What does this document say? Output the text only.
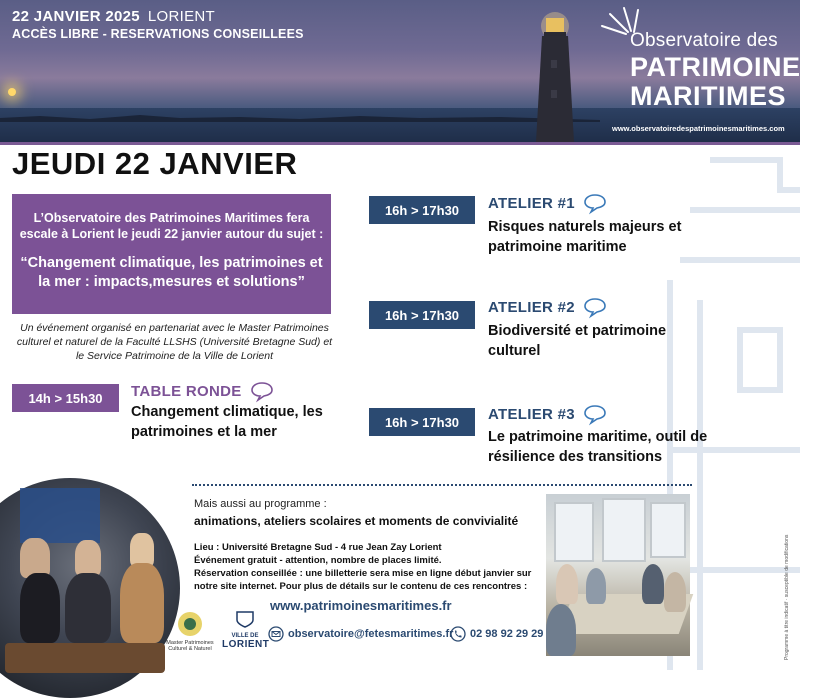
22 JANVIER 2025 LORIENT
ACCÈS LIBRE - RESERVATIONS CONSEILLEES	Observatoire des
PATRIMOINES
MARITIMES
www.observatoiredespatrimoinesmaritimes.com
JEUDI 22 JANVIER
L’Observatoire des Patrimoines Maritimes fera escale à Lorient le jeudi 22 janvier autour du sujet :
“Changement climatique, les patrimoines et la mer : impacts,mesures et solutions”
Un événement organisé en partenariat avec le Master Patrimoines culturel et naturel de la Faculté LLSHS (Université Bretagne Sud) et le Service Patrimoine de la Ville de Lorient
14h > 15h30	TABLE RONDE
Changement climatique, les
patrimoines et la mer
16h > 17h30	ATELIER #1
Risques naturels majeurs et
patrimoine maritime
16h > 17h30	ATELIER #2
Biodiversité et patrimoine
culturel
16h > 17h30	ATELIER #3
Le patrimoine maritime, outil de
résilience des transitions
Master Patrimoines Culturel & Naturel
VILLE DE
LORIENT
Mais aussi au programme :
animations, ateliers scolaires et moments de convivialité
Lieu : Université Bretagne Sud - 4 rue Jean Zay Lorient
Événement gratuit - attention, nombre de places limité.
Réservation conseillée : une billetterie sera mise en ligne début janvier sur notre site internet. Pour plus de détails sur le contenu de ces rencontres :
www.patrimoinesmaritimes.fr
observatoire@fetesmaritimes.fr 02 98 92 29 29	Programme à titre indicatif · susceptible de modifications
